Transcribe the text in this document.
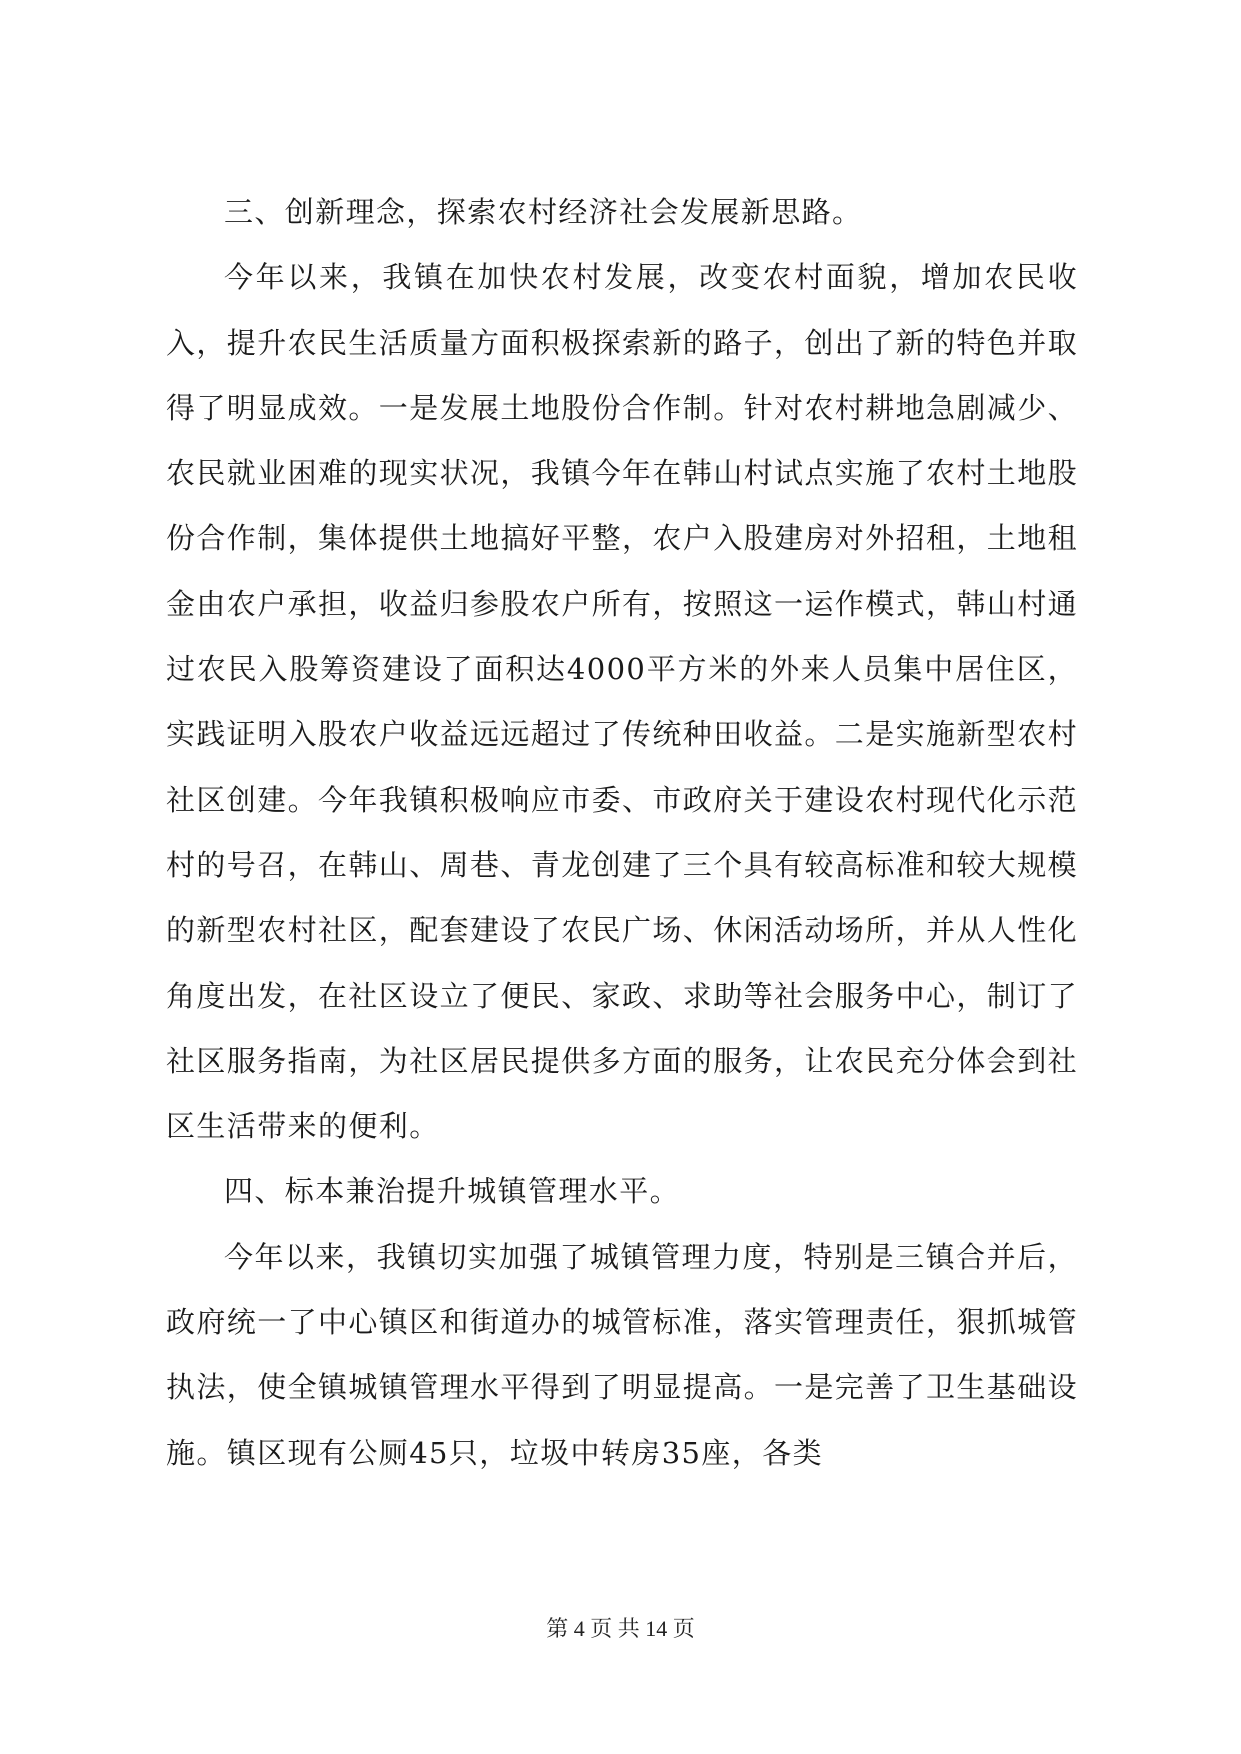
三、创新理念，探索农村经济社会发展新思路。

今年以来，我镇在加快农村发展，改变农村面貌，增加农民收入，提升农民生活质量方面积极探索新的路子，创出了新的特色并取得了明显成效。一是发展土地股份合作制。针对农村耕地急剧减少、农民就业困难的现实状况，我镇今年在韩山村试点实施了农村土地股份合作制，集体提供土地搞好平整，农户入股建房对外招租，土地租金由农户承担，收益归参股农户所有，按照这一运作模式，韩山村通过农民入股筹资建设了面积达4000平方米的外来人员集中居住区，实践证明入股农户收益远远超过了传统种田收益。二是实施新型农村社区创建。今年我镇积极响应市委、市政府关于建设农村现代化示范村的号召，在韩山、周巷、青龙创建了三个具有较高标准和较大规模的新型农村社区，配套建设了农民广场、休闲活动场所，并从人性化角度出发，在社区设立了便民、家政、求助等社会服务中心，制订了社区服务指南，为社区居民提供多方面的服务，让农民充分体会到社区生活带来的便利。

四、标本兼治提升城镇管理水平。

今年以来，我镇切实加强了城镇管理力度，特别是三镇合并后，政府统一了中心镇区和街道办的城管标准，落实管理责任，狠抓城管执法，使全镇城镇管理水平得到了明显提高。一是完善了卫生基础设施。镇区现有公厕45只，垃圾中转房35座，各类

第 4 页 共 14 页
